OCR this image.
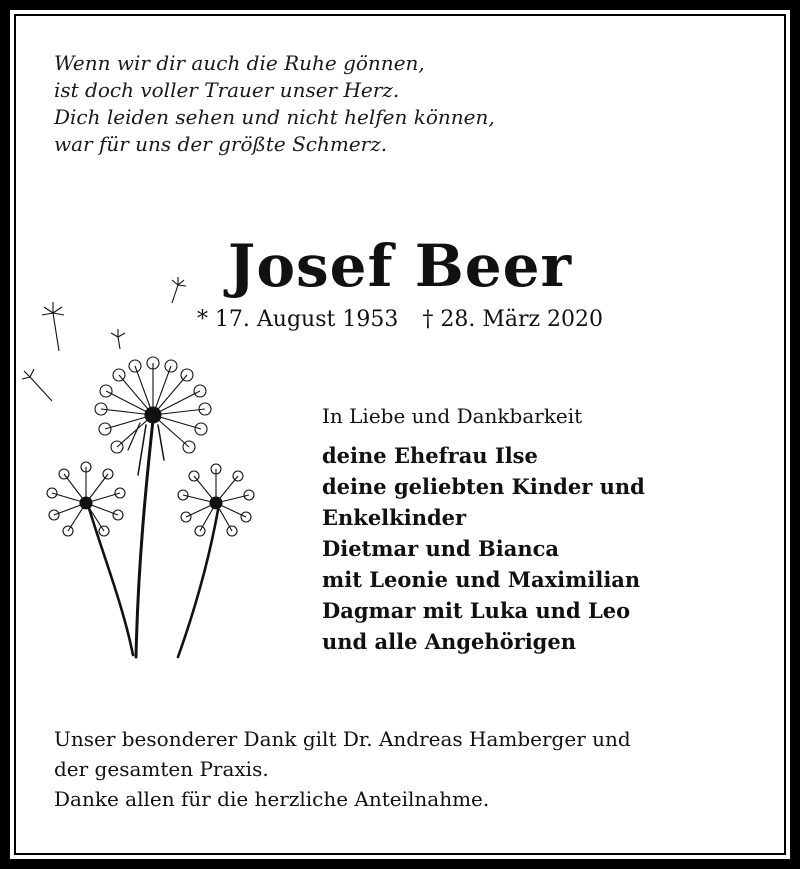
Wenn wir dir auch die Ruhe gönnen,
ist doch voller Trauer unser Herz.
Dich leiden sehen und nicht helfen können,
war für uns der größte Schmerz.
Josef Beer
* 17. August 1953 † 28. März 2020
In Liebe und Dankbarkeit
deine Ehefrau Ilse
deine geliebten Kinder und
Enkelkinder
Dietmar und Bianca
mit Leonie und Maximilian
Dagmar mit Luka und Leo
und alle Angehörigen
Unser besonderer Dank gilt Dr. Andreas Hamberger und
der gesamten Praxis.
Danke allen für die herzliche Anteilnahme.
